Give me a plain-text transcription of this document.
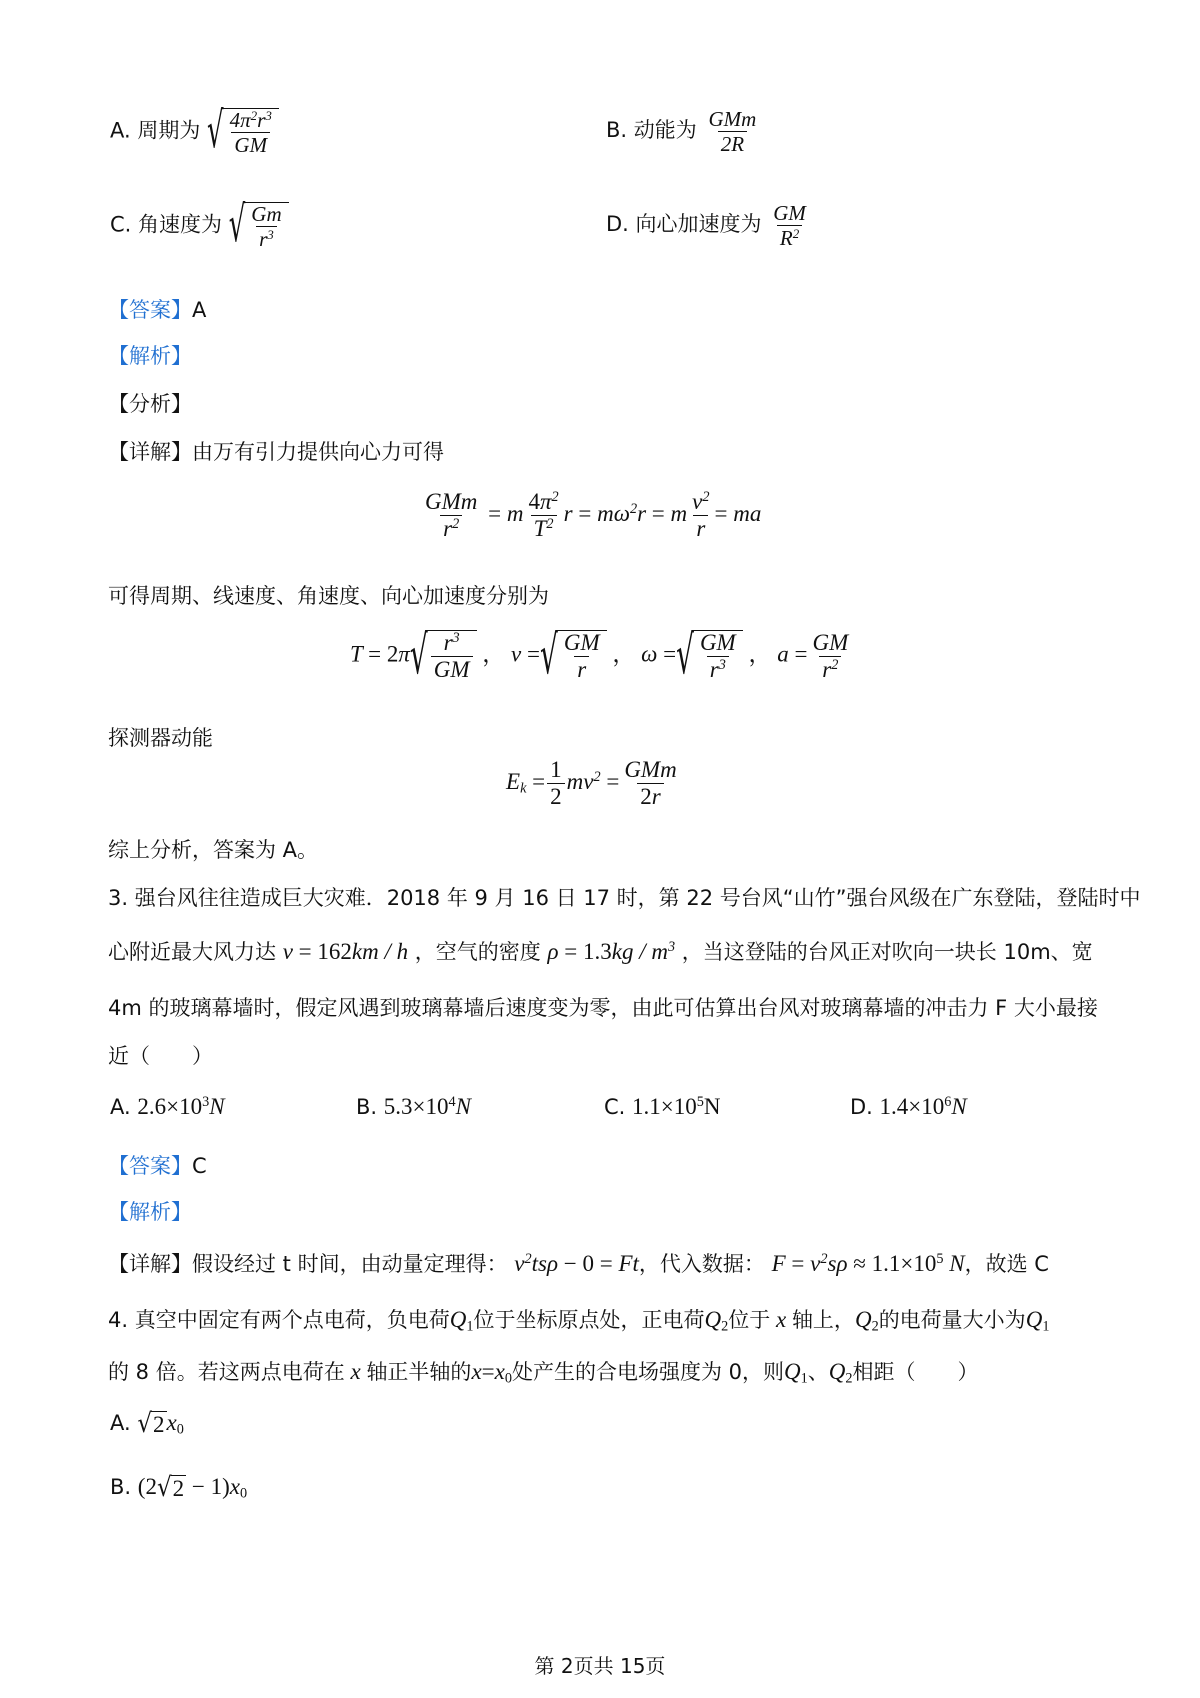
A. 周期为 √ $\frac{4\pi^2r^3}{GM}$	B. 动能为 $\frac{\text{GMm}}{2R}$
C. 角速度为 √ $\frac{Gm}{r^3}$	D. 向心加速度为 $\frac{GM}{R^2}$
【答案】A
【解析】
【分析】
【详解】由万有引力提供向心力可得
$\frac{\text{GMm}}{r^2} = m \frac{4\pi^2}{T^2}$ $r = m\omega^2r = m \frac{v^2}{r}$ = ma
可得周期、线速度、角速度、向心加速度分别为
T = 2π √ $\frac{r^3}{GM}$ ， v = √ $\frac{GM}{r}$ ， ω = √ $\frac{GM}{r^3}$ ， $a = \frac{GM}{r^2}$
探测器动能
$E_k = \frac{1}{2} mv^2 = \frac{\text{GMm}}{2r}$
综上分析，答案为 A。
3. 强台风往往造成巨大灾难．2018 年 9 月 16 日 17 时，第 22 号台风“山竹”强台风级在广东登陆，登陆时中
心附近最大风力达 v = 162km / h ，空气的密度 $\rho = 1.3kg / m^3$ ，当这登陆的台风正对吹向一块长 10m、宽
4m 的玻璃幕墙时，假定风遇到玻璃幕墙后速度变为零，由此可估算出台风对玻璃幕墙的冲击力 F 大小最接
近（　　）
A. $2.6\times 10^3N$	B. $5.3\times 10^4N$	C. $1.1\times 10^5N$	D. $1.4\times 10^6N$
【答案】C
【解析】
【详解】假设经过 t 时间，由动量定理得： $v^2ts\rho - 0 = Ft$，代入数据： $F = v^2s\rho \approx 1.1\times 10^5$ N，故选 C
4. 真空中固定有两个点电荷，负电荷$Q_1$位于坐标原点处，正电荷$Q_2$位于 x 轴上，$Q_2$的电荷量大小为$Q_1$
的 8 倍。若这两点电荷在 x 轴正半轴的$x=x_0$处产生的合电场强度为 0，则$Q_1$、$Q_2$相距（　　）
A. √ 2 $x_0$
B. (2 √ $2 - 1)x_0$
第 2页共 15页
